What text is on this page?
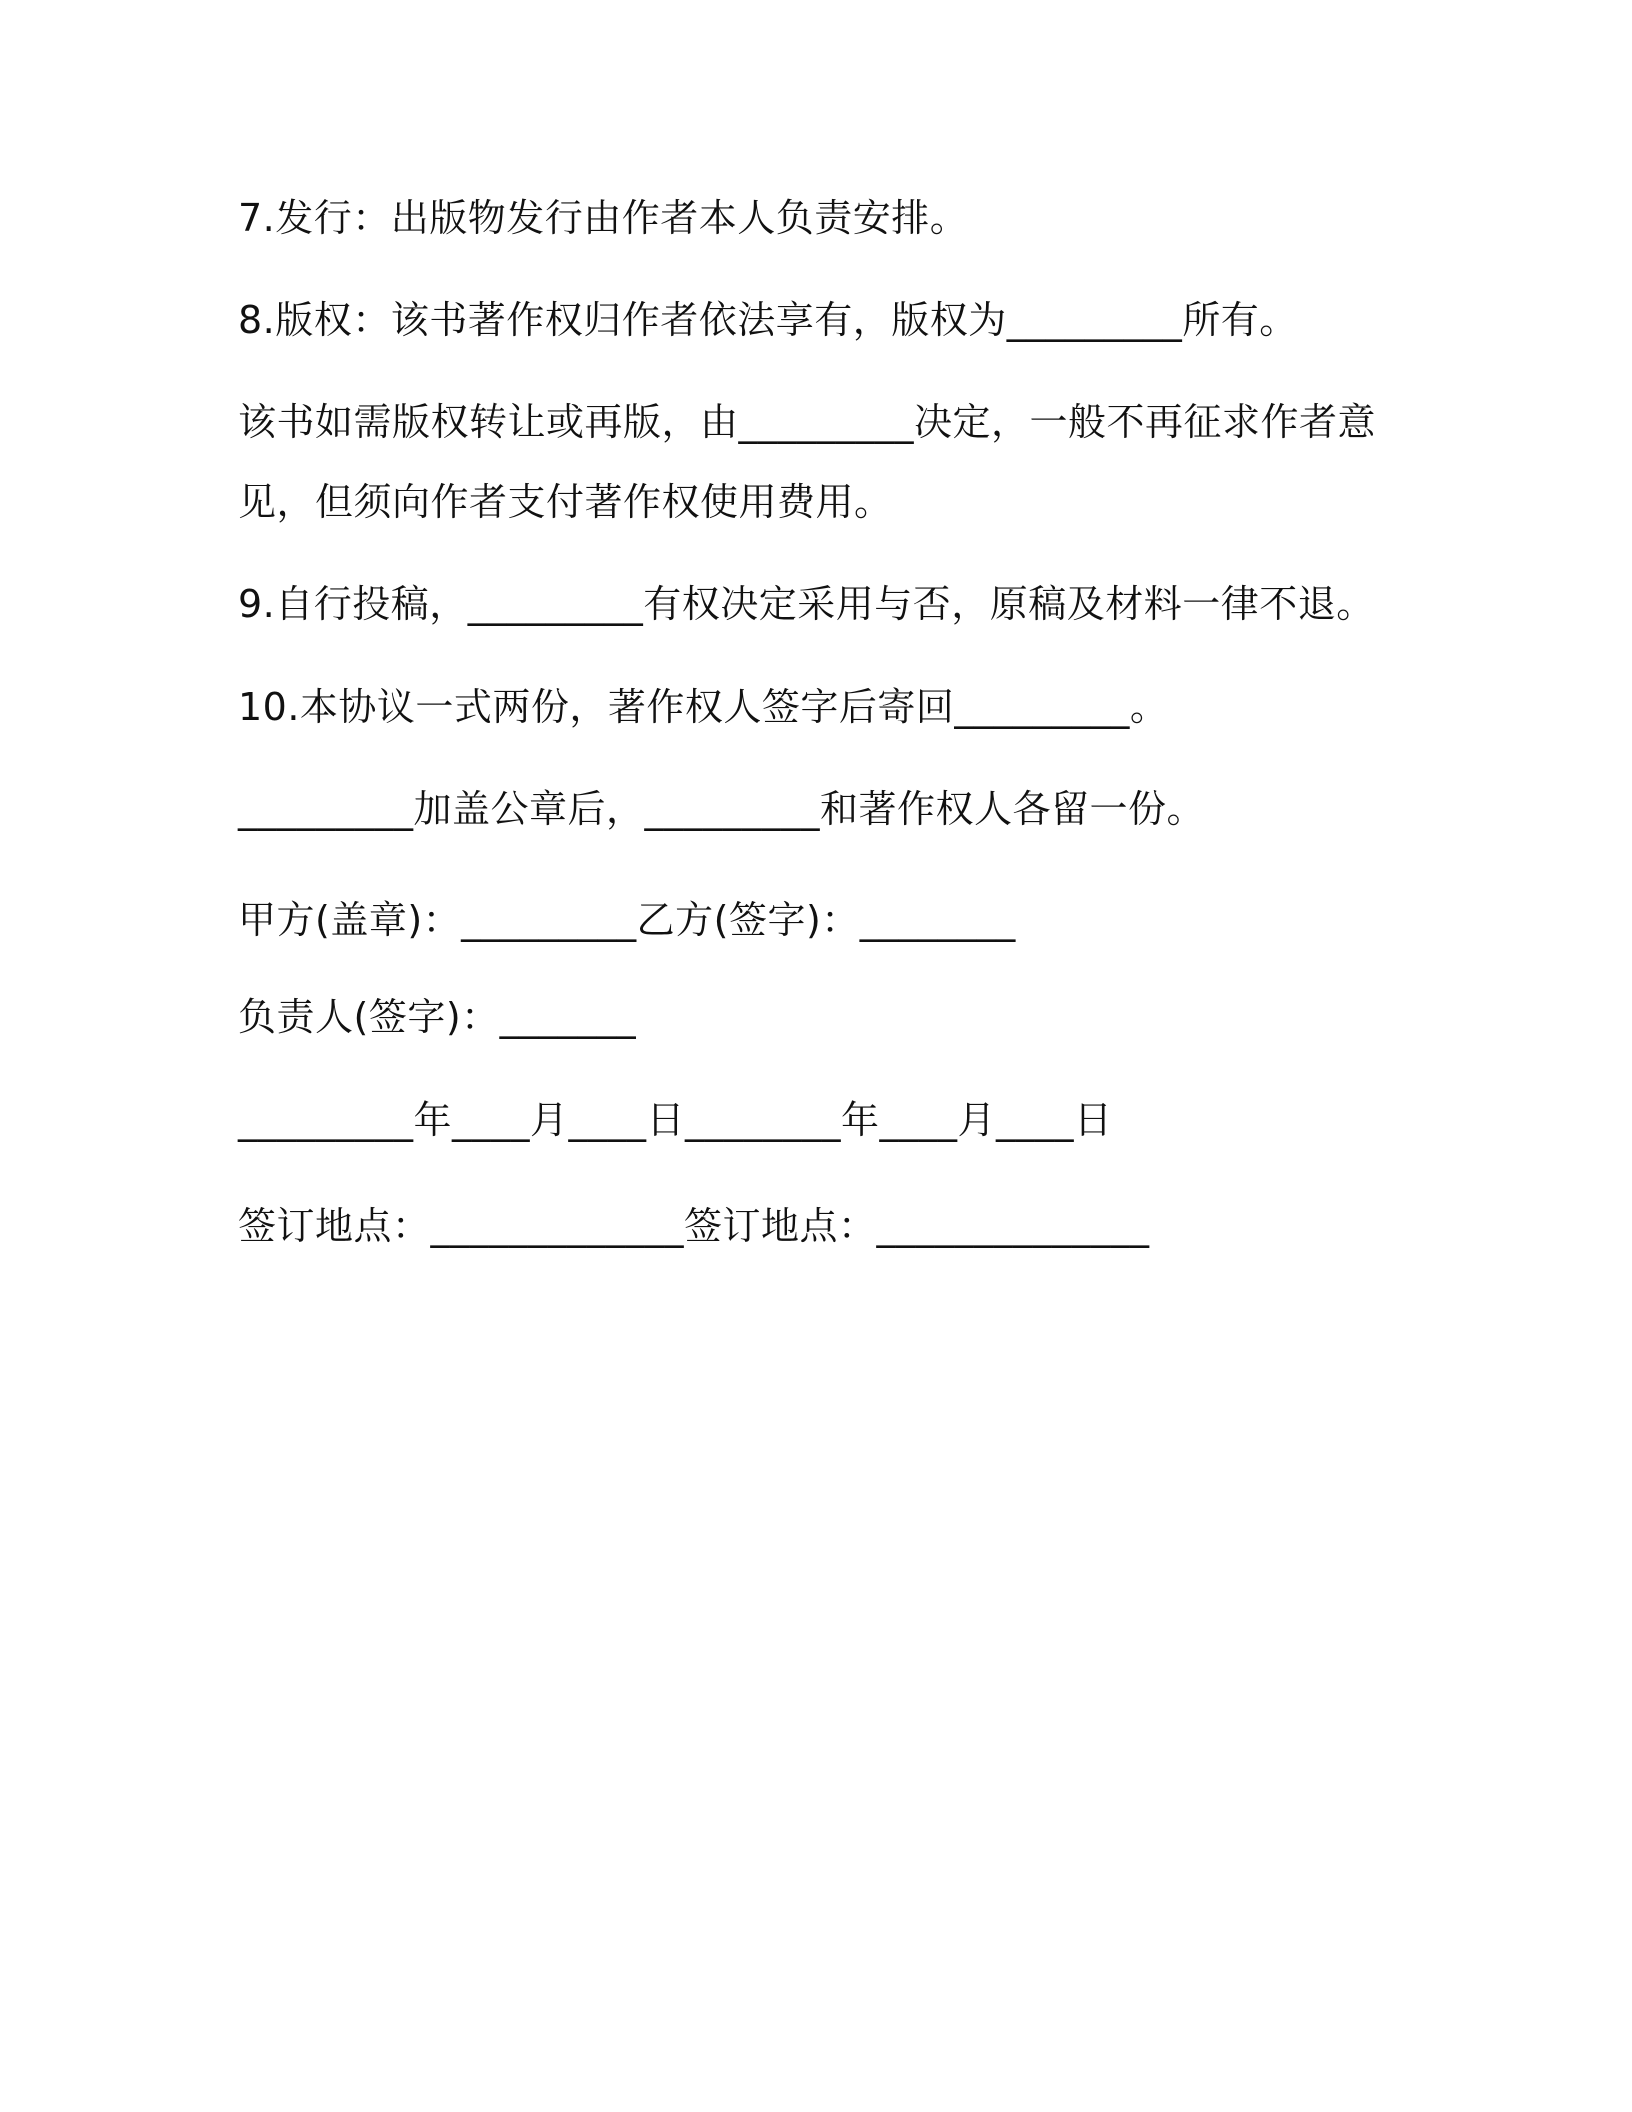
7.发行：出版物发行由作者本人负责安排。
8.版权：该书著作权归作者依法享有，版权为_________所有。
该书如需版权转让或再版，由_________决定，一般不再征求作者意
见，但须向作者支付著作权使用费用。
9.自行投稿，_________有权决定采用与否，原稿及材料一律不退。
10.本协议一式两份，著作权人签字后寄回_________。
_________加盖公章后，_________和著作权人各留一份。
甲方(盖章)：_________乙方(签字)：________
负责人(签字)：_______
_________年____月____日________年____月____日
签订地点：_____________签订地点：______________
